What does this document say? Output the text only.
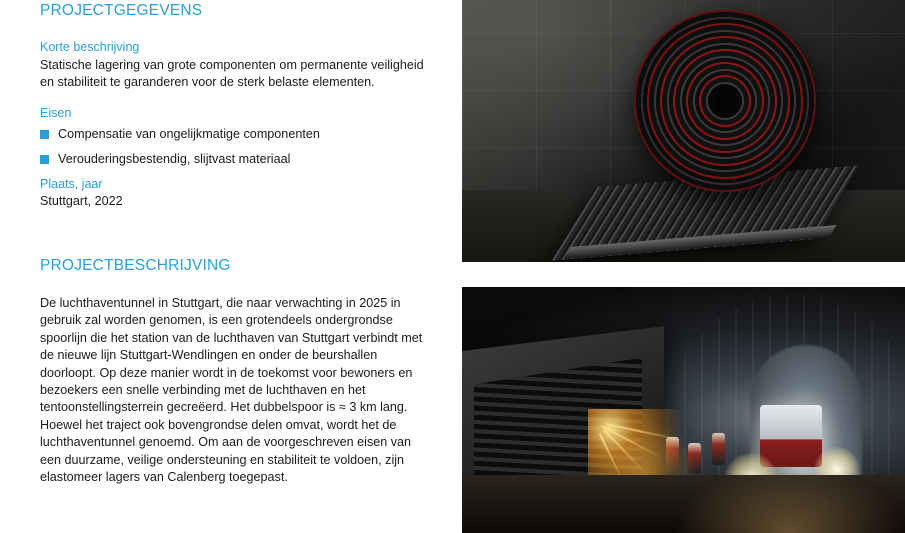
PROJECTGEGEVENS
Korte beschrijving

Statische lagering van grote componenten om permanente veiligheid en stabiliteit te garanderen voor de sterk belaste elementen.

Eisen
Compensatie van ongelijkmatige componenten
Verouderingsbestendig, slijtvast materiaal
Plaats, jaar

Stuttgart, 2022

PROJECTBESCHRIJVING

De luchthaventunnel in Stuttgart, die naar verwachting in 2025 in gebruik zal worden genomen, is een grotendeels ondergrondse spoorlijn die het station van de luchthaven van Stuttgart verbindt met de nieuwe lijn Stuttgart-Wendlingen en onder de beurshallen doorloopt. Op deze manier wordt in de toekomst voor bewoners en bezoekers een snelle verbinding met de luchthaven en het tentoonstellingsterrein gecreëerd. Het dubbelspoor is ≈ 3 km lang. Hoewel het traject ook bovengrondse delen omvat, wordt het de luchthaventunnel genoemd. Om aan de voorgeschreven eisen van een duurzame, veilige ondersteuning en stabiliteit te voldoen, zijn elastomeer lagers van Calenberg toegepast.
